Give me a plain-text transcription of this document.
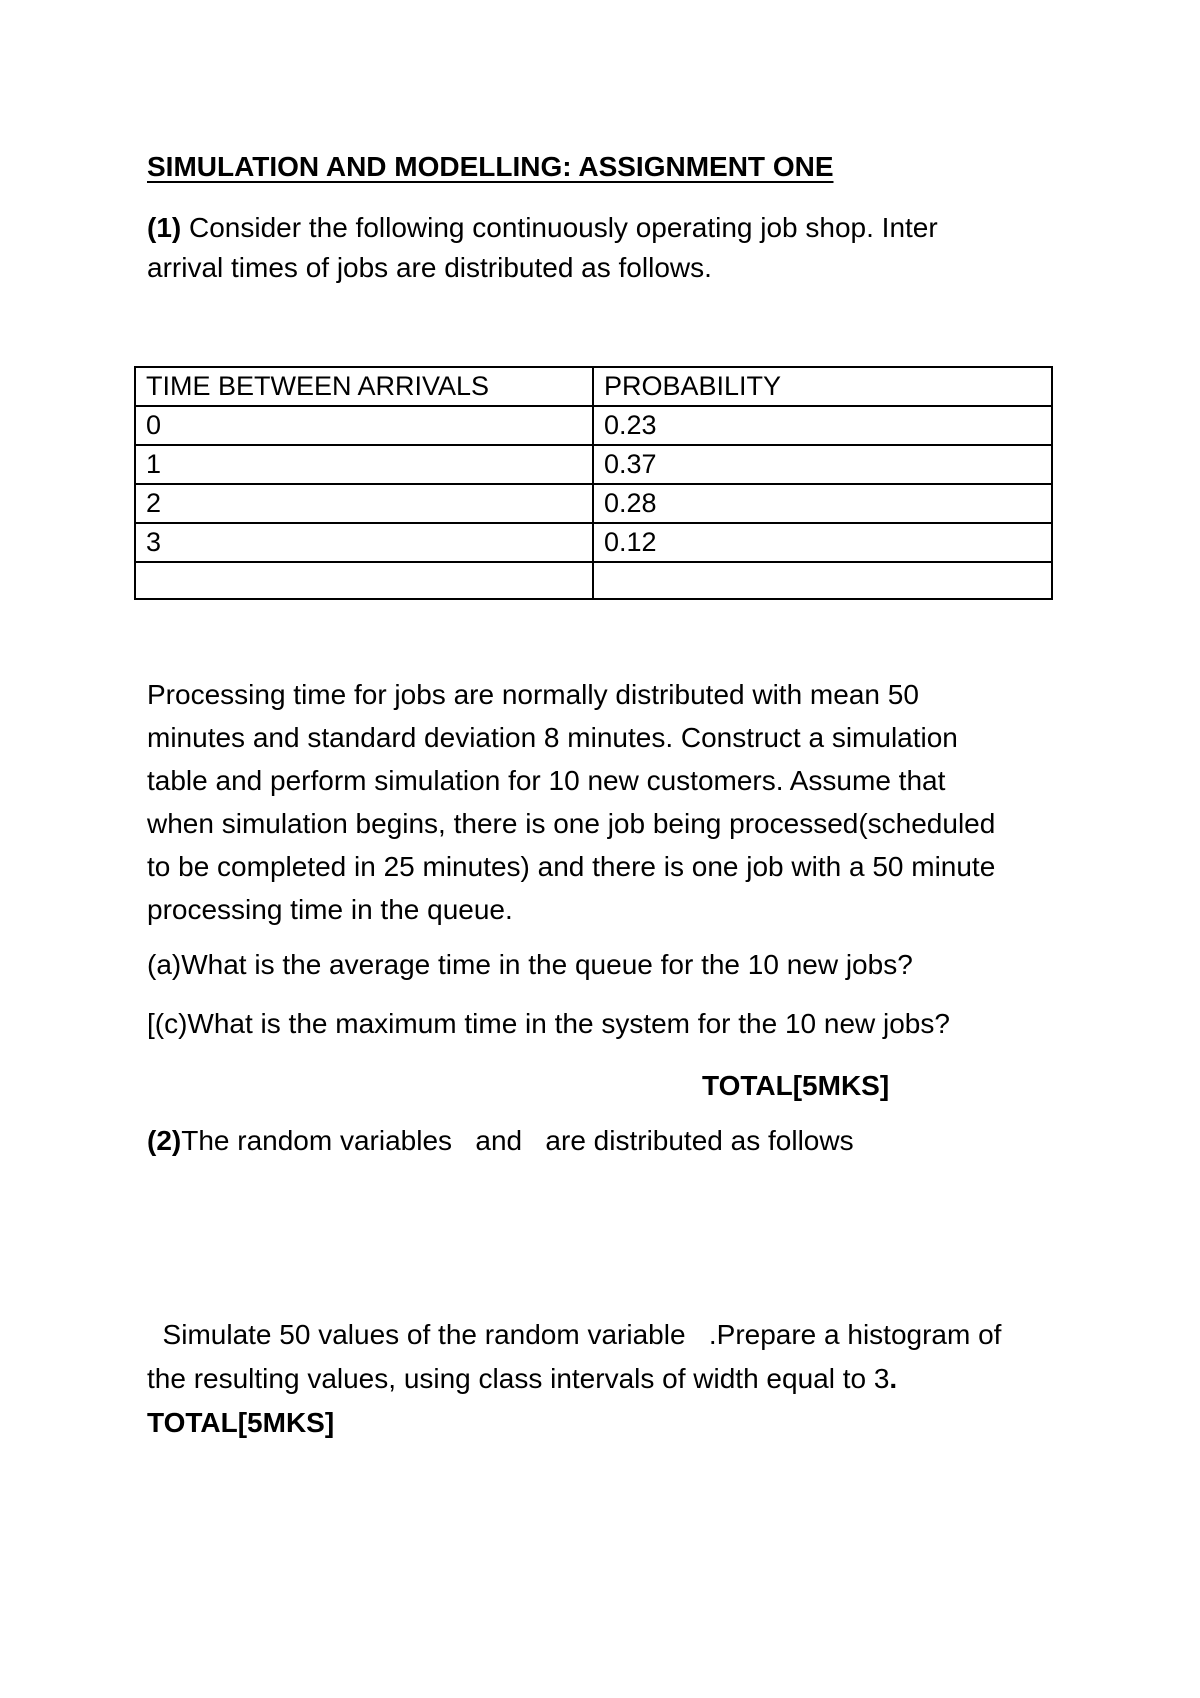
SIMULATION AND MODELLING: ASSIGNMENT ONE
(1) Consider the following continuously operating job shop. Inter
arrival times of jobs are distributed as follows.
TIME BETWEEN ARRIVALS	PROBABILITY
0	0.23
1	0.37
2	0.28
3	0.12

Processing time for jobs are normally distributed with mean 50
minutes and standard deviation 8 minutes. Construct a simulation
table and perform simulation for 10 new customers. Assume that
when simulation begins, there is one job being processed(scheduled
to be completed in 25 minutes) and there is one job with a 50 minute
processing time in the queue.
(a)What is the average time in the queue for the 10 new jobs?
[(c)What is the maximum time in the system for the 10 new jobs?
TOTAL[5MKS]
(2)The random variables   and   are distributed as follows
Simulate 50 values of the random variable   .Prepare a histogram of
the resulting values, using class intervals of width equal to 3.
TOTAL[5MKS]
